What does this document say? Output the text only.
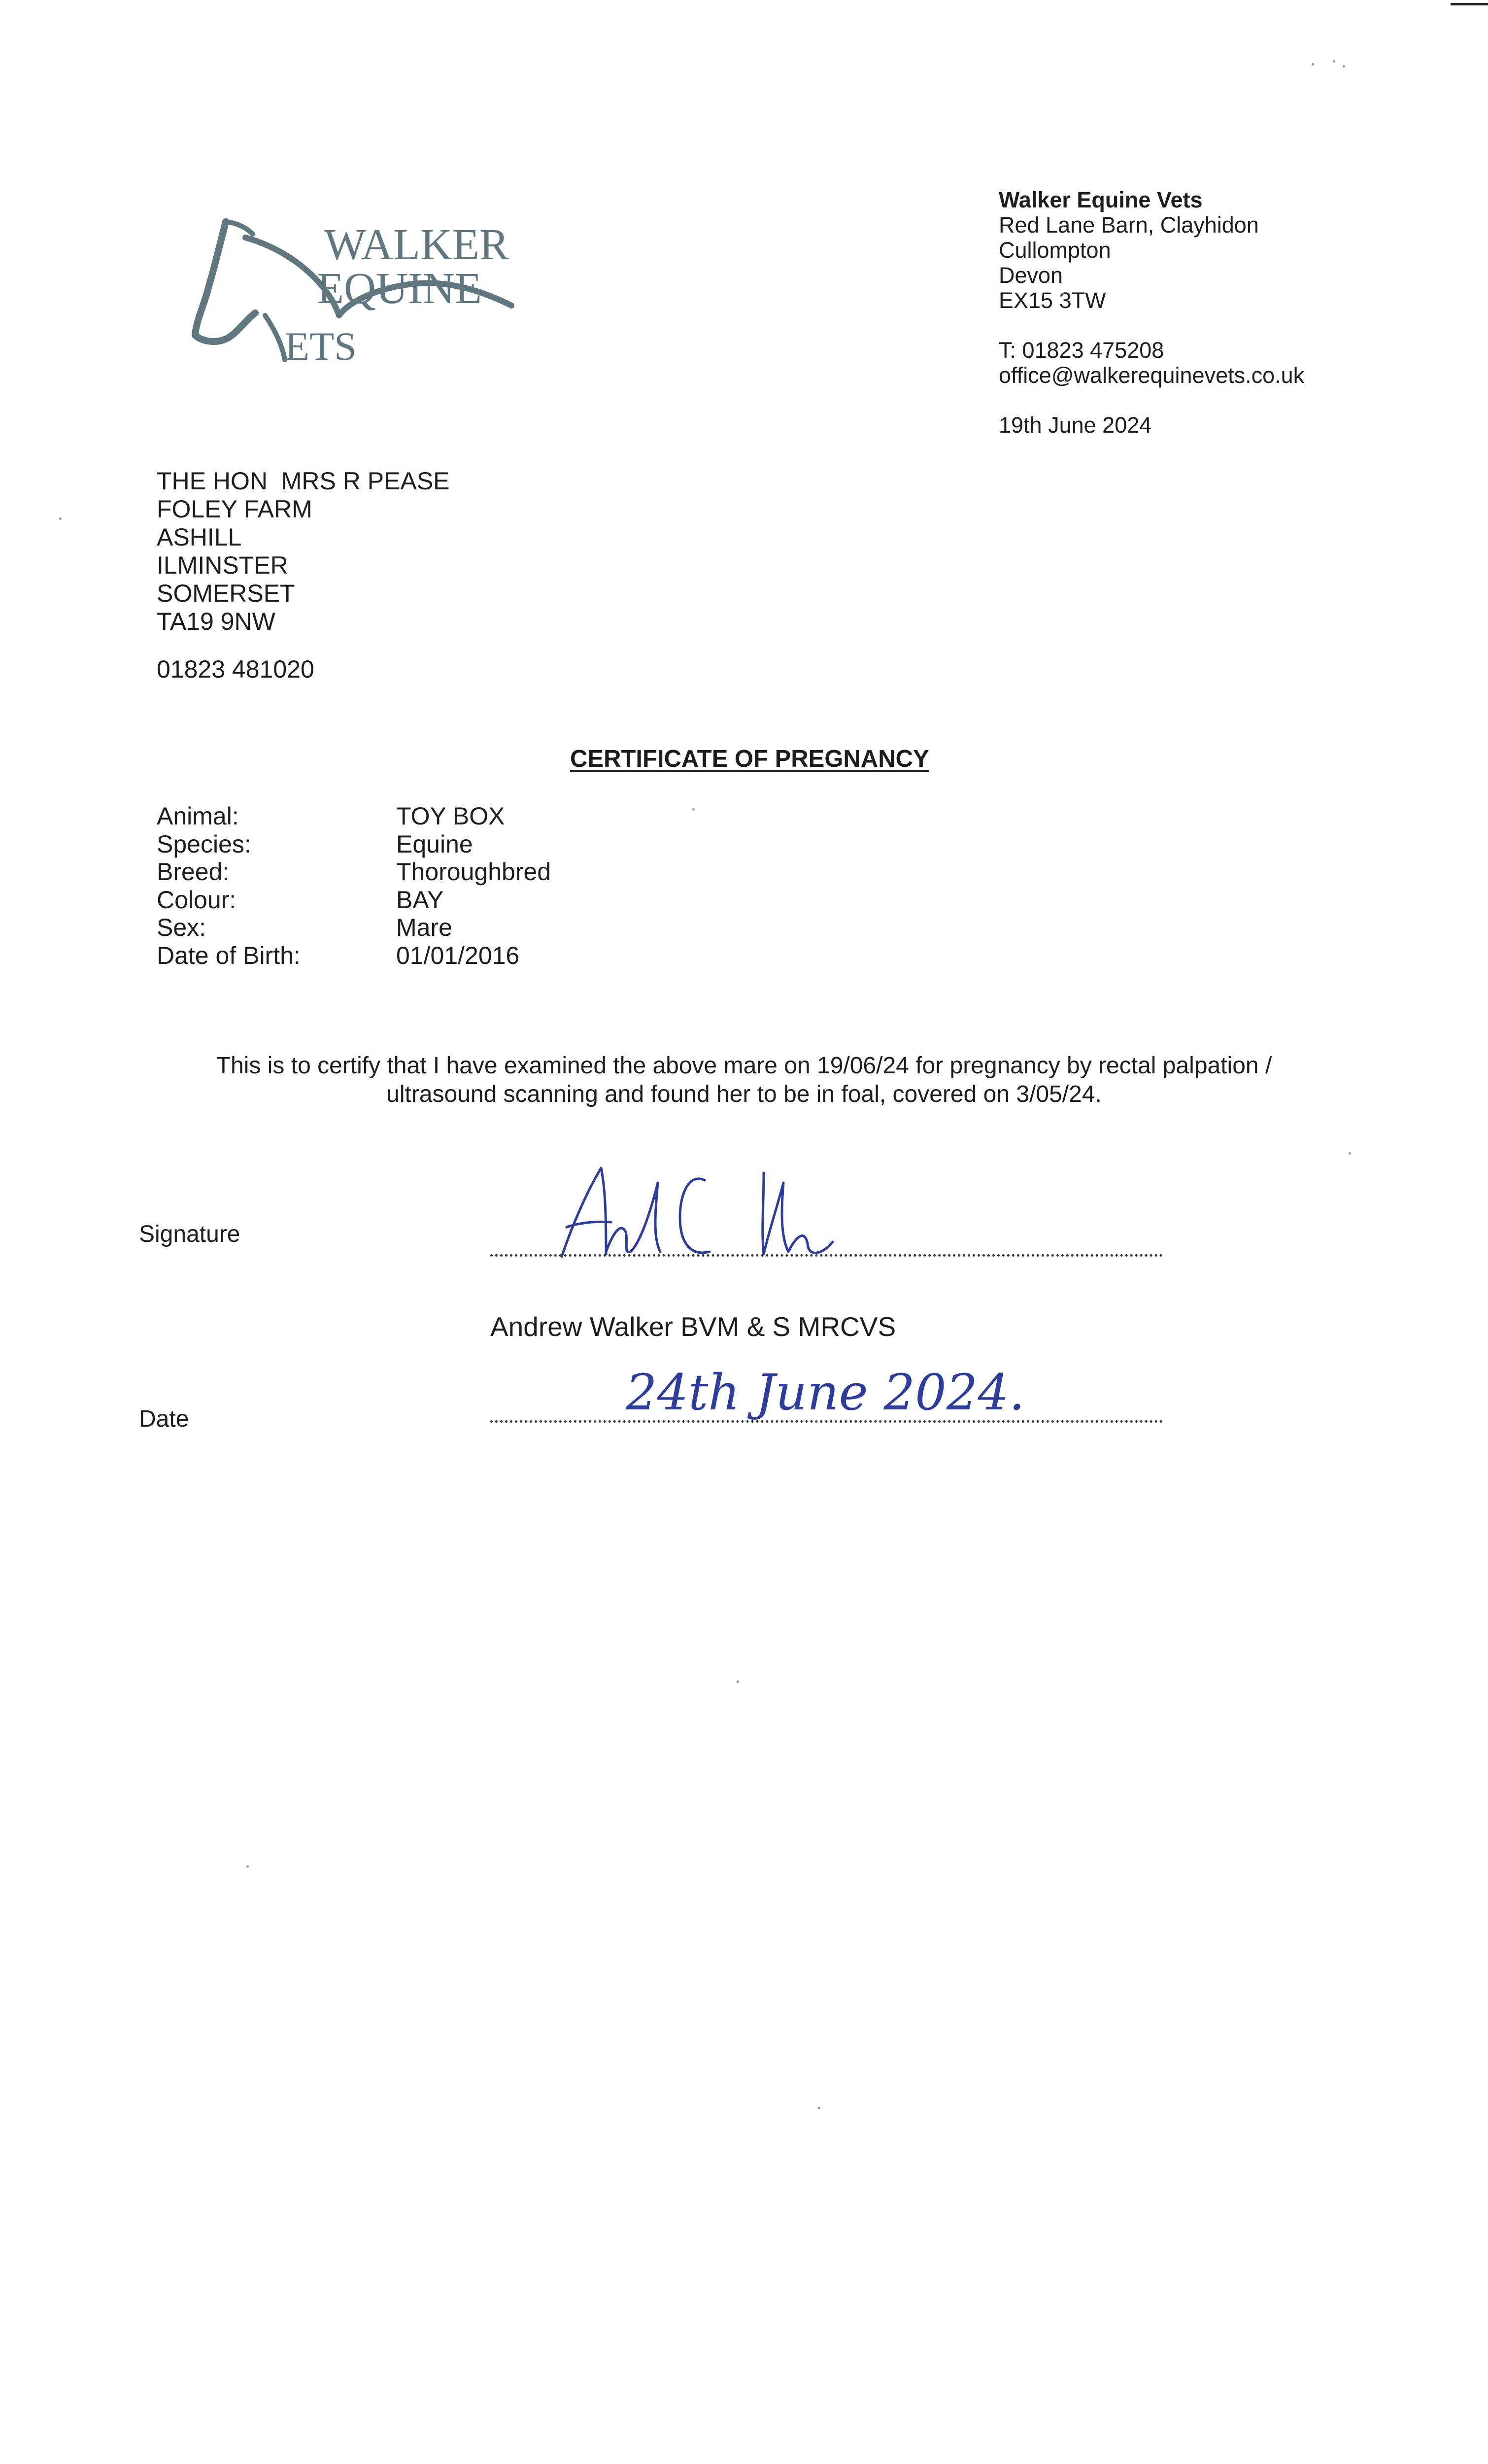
WALKER
EQUINE
ETS
Walker Equine Vets
Red Lane Barn, Clayhidon
Cullompton
Devon
EX15 3TW
T: 01823 475208
office@walkerequinevets.co.uk
19th June 2024
THE HON  MRS R PEASE
FOLEY FARM
ASHILL
ILMINSTER
SOMERSET
TA19 9NW
01823 481020
CERTIFICATE OF PREGNANCY
Animal:	TOY BOX
Species:	Equine
Breed:	Thoroughbred
Colour:	BAY
Sex:	Mare
Date of Birth:	01/01/2016
This is to certify that I have examined the above mare on 19/06/24 for pregnancy by rectal palpation /
ultrasound scanning and found her to be in foal, covered on 3/05/24.
Signature
Andrew Walker BVM & S MRCVS
Date	24th June 2024.
